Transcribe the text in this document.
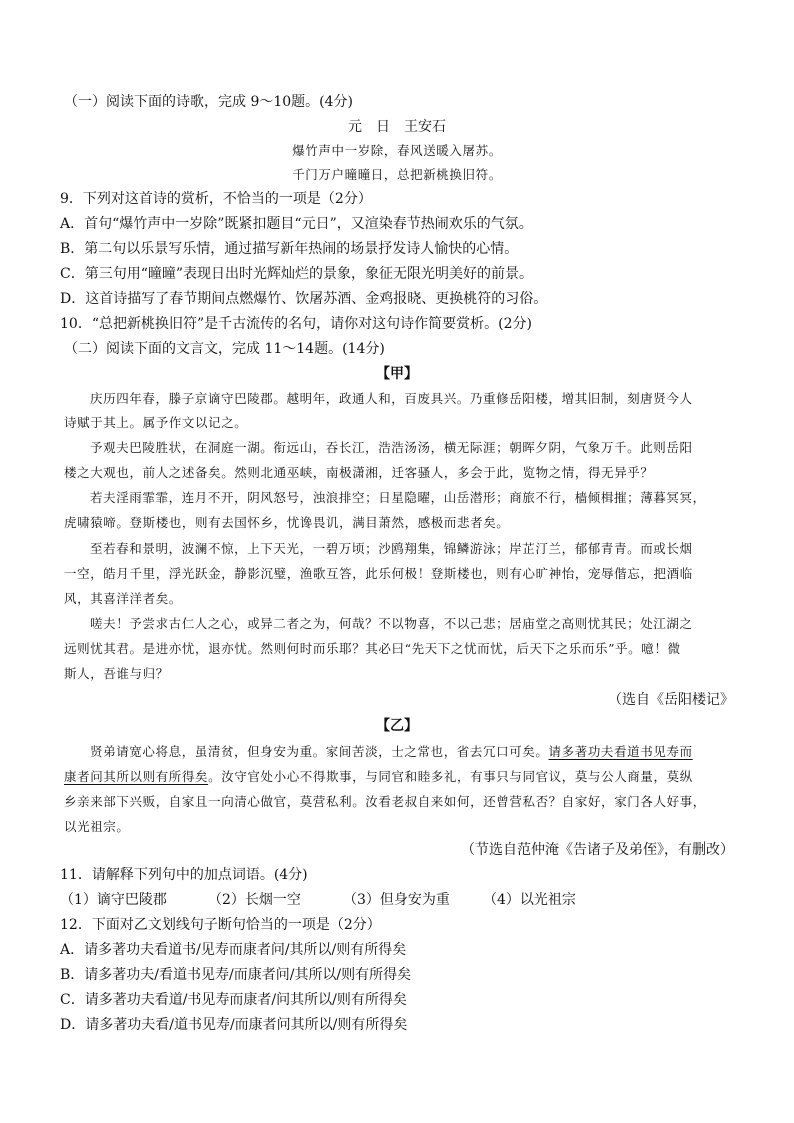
（一）阅读下面的诗歌，完成 9～10题。(4分)
元　日　王安石
爆竹声中一岁除，春风送暖入屠苏。
千门万户曈曈日，总把新桃换旧符。
9．下列对这首诗的赏析，不恰当的一项是（2分）
A．首句“爆竹声中一岁除”既紧扣题目“元日”，又渲染春节热闹欢乐的气氛。
B．第二句以乐景写乐情，通过描写新年热闹的场景抒发诗人愉快的心情。
C．第三句用“曈曈”表现日出时光辉灿烂的景象，象征无限光明美好的前景。
D．这首诗描写了春节期间点燃爆竹、饮屠苏酒、金鸡报晓、更换桃符的习俗。
10．“总把新桃换旧符”是千古流传的名句，请你对这句诗作简要赏析。(2分)
（二）阅读下面的文言文，完成 11～14题。(14分)
【甲】
庆历四年春，滕子京谪守巴陵郡。越明年，政通人和，百废具兴。乃重修岳阳楼，增其旧制，刻唐贤今人
诗赋于其上。属予作文以记之。
予观夫巴陵胜状，在洞庭一湖。衔远山，吞长江，浩浩汤汤，横无际涯；朝晖夕阴，气象万千。此则岳阳
楼之大观也，前人之述备矣。然则北通巫峡，南极潇湘，迁客骚人，多会于此，览物之情，得无异乎？
若夫淫雨霏霏，连月不开，阴风怒号，浊浪排空；日星隐曜，山岳潜形；商旅不行，樯倾楫摧；薄暮冥冥，
虎啸猿啼。登斯楼也，则有去国怀乡，忧谗畏讥，满目萧然，感极而悲者矣。
至若春和景明，波澜不惊，上下天光，一碧万顷；沙鸥翔集，锦鳞游泳；岸芷汀兰，郁郁青青。而或长烟
一空，皓月千里，浮光跃金，静影沉璧，渔歌互答，此乐何极！登斯楼也，则有心旷神怡，宠辱偕忘，把酒临
风，其喜洋洋者矣。
嗟夫！予尝求古仁人之心，或异二者之为，何哉？不以物喜，不以己悲；居庙堂之高则忧其民；处江湖之
远则忧其君。是进亦忧，退亦忧。然则何时而乐耶？其必曰“先天下之忧而忧，后天下之乐而乐”乎。噫！微
斯人，吾谁与归？
（选自《岳阳楼记》
【乙】
贤弟请宽心将息，虽清贫，但身安为重。家间苦淡，士之常也，省去冗口可矣。请多著功夫看道书见寿而
康者问其所以则有所得矣。汝守官处小心不得欺事，与同官和睦多礼，有事只与同官议，莫与公人商量，莫纵
乡亲来部下兴贩，自家且一向清心做官，莫营私利。汝看老叔自来如何，还曾营私否？自家好，家门各人好事，
以光祖宗。
（节选自范仲淹《告诸子及弟侄》，有删改）
11．请解释下列句中的加点词语。(4分)
（1）谪守巴陵郡	（2）长烟一空	（3）但身安为重 （4）以光祖宗
12．下面对乙文划线句子断句恰当的一项是（2分）
A．请多著功夫看道书/见寿而康者问/其所以/则有所得矣
B．请多著功夫/看道书见寿/而康者问/其所以/则有所得矣
C．请多著功夫看道/书见寿而康者/问其所以/则有所得矣
D．请多著功夫看/道书见寿/而康者问其所以/则有所得矣
